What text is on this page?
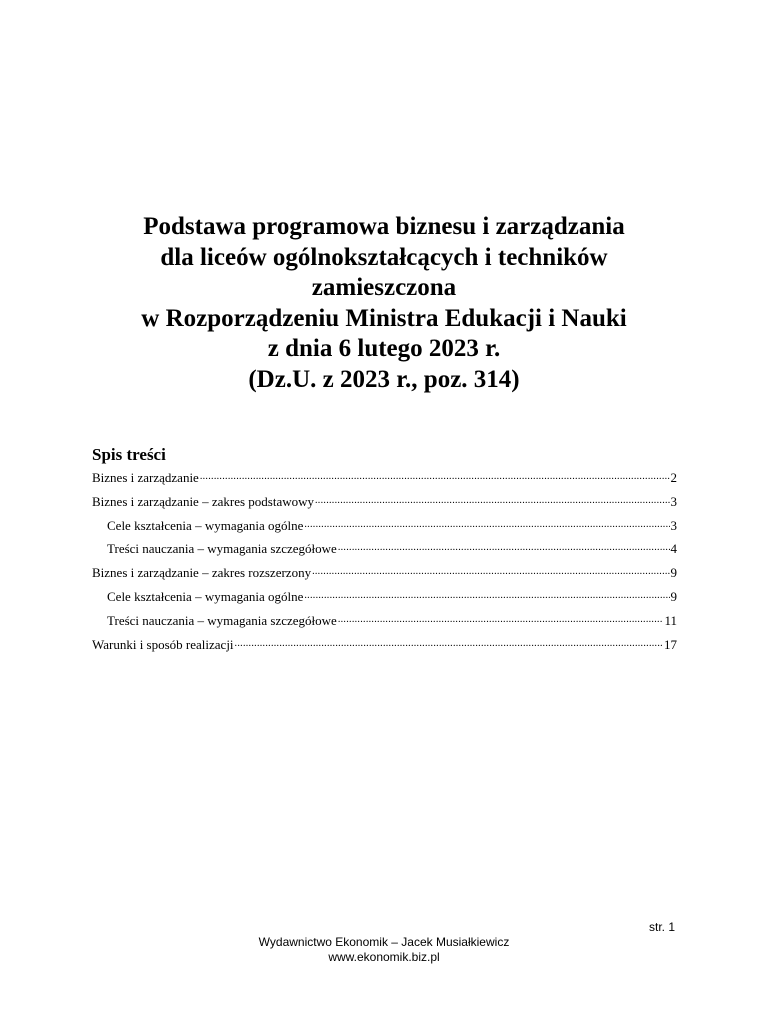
Podstawa programowa biznesu i zarządzania
dla liceów ogólnokształcących i techników
zamieszczona
w Rozporządzeniu Ministra Edukacji i Nauki
z dnia 6 lutego 2023 r.
(Dz.U. z 2023 r., poz. 314)
Spis treści
Biznes i zarządzanie .....	2
Biznes i zarządzanie – zakres podstawowy .....	3
Cele kształcenia – wymagania ogólne .....	3
Treści nauczania – wymagania szczegółowe .....	4
Biznes i zarządzanie – zakres rozszerzony .....	9
Cele kształcenia – wymagania ogólne .....	9
Treści nauczania – wymagania szczegółowe .....	11
Warunki i sposób realizacji .....	17
str. 1
Wydawnictwo Ekonomik – Jacek Musiałkiewicz
www.ekonomik.biz.pl
